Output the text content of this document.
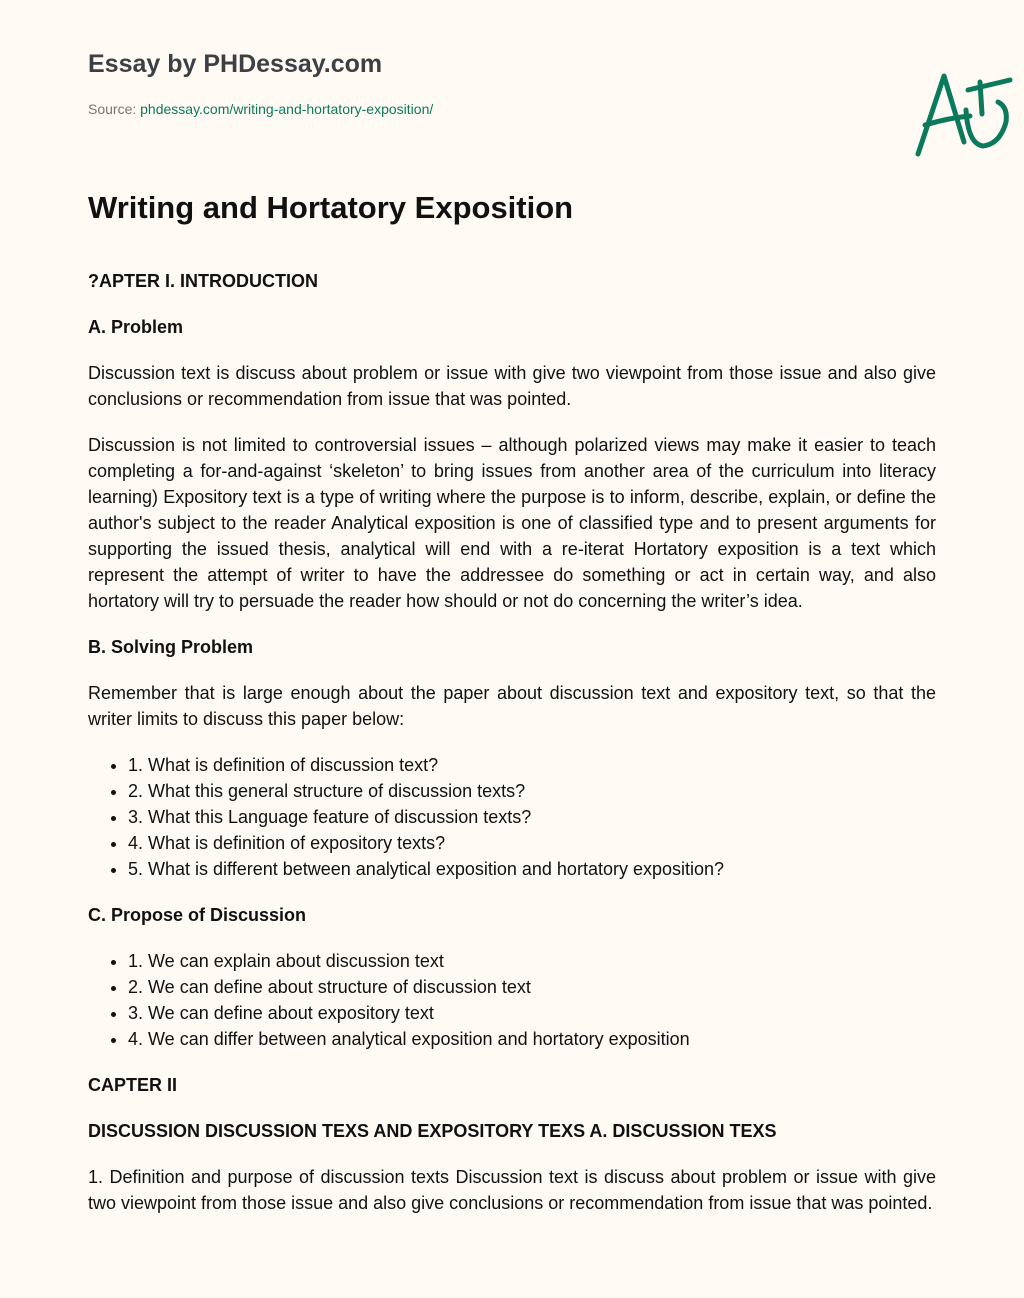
Essay by PHDessay.com

Source: phdessay.com/writing-and-hortatory-exposition/
Writing and Hortatory Exposition
?APTER I. INTRODUCTION
A. Problem

Discussion text is discuss about problem or issue with give two viewpoint from those issue and also give conclusions or recommendation from issue that was pointed.

Discussion is not limited to controversial issues – although polarized views may make it easier to teach completing a for-and-against ‘skeleton’ to bring issues from another area of the curriculum into literacy learning) Expository text is a type of writing where the purpose is to inform, describe, explain, or define the author's subject to the reader Analytical exposition is one of classified type and to present arguments for supporting the issued thesis, analytical will end with a re-iterat Hortatory exposition is a text which represent the attempt of writer to have the addressee do something or act in certain way, and also hortatory will try to persuade the reader how should or not do concerning the writer’s idea.

B. Solving Problem

Remember that is large enough about the paper about discussion text and expository text, so that the writer limits to discuss this paper below:

• 1. What is definition of discussion text?
• 2. What this general structure of discussion texts?
• 3. What this Language feature of discussion texts?
• 4. What is definition of expository texts?
• 5. What is different between analytical exposition and hortatory exposition?
C. Propose of Discussion
• 1. We can explain about discussion text
• 2. We can define about structure of discussion text
• 3. We can define about expository text
• 4. We can differ between analytical exposition and hortatory exposition
CAPTER II
DISCUSSION DISCUSSION TEXS AND EXPOSITORY TEXS A. DISCUSSION TEXS

1. Definition and purpose of discussion texts Discussion text is discuss about problem or issue with give two viewpoint from those issue and also give conclusions or recommendation from issue that was pointed.
